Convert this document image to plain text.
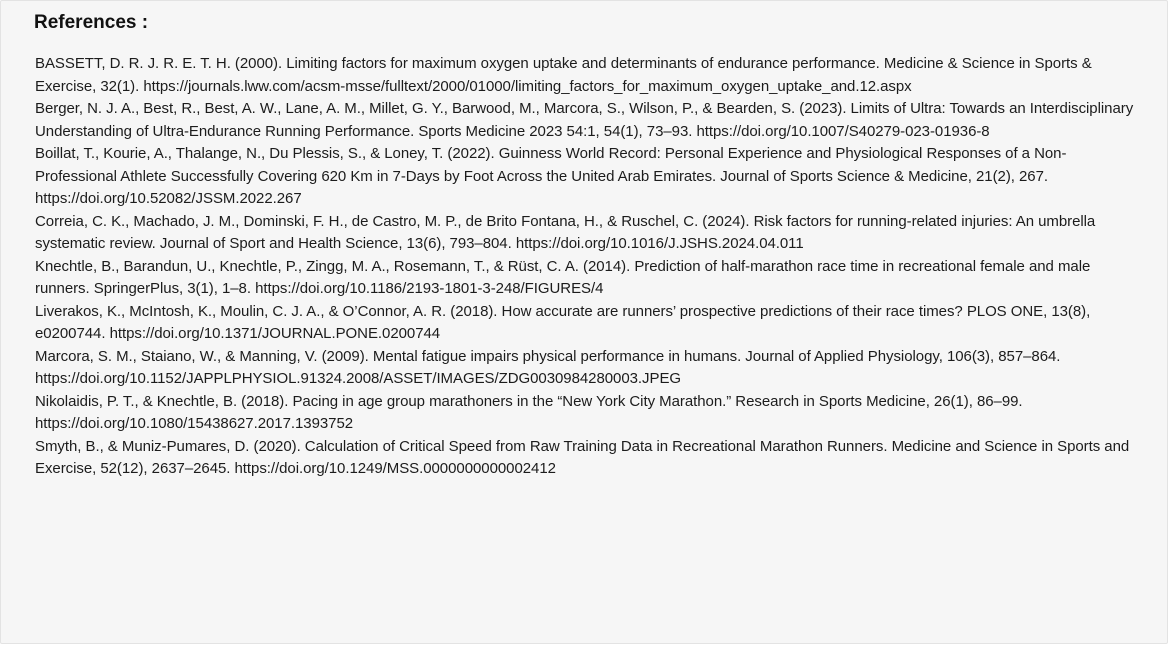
References :
BASSETT, D. R. J. R. E. T. H. (2000). Limiting factors for maximum oxygen uptake and determinants of endurance performance. Medicine & Science in Sports & Exercise, 32(1). https://journals.lww.com/acsm-msse/fulltext/2000/01000/limiting_factors_for_maximum_oxygen_uptake_and.12.aspx
Berger, N. J. A., Best, R., Best, A. W., Lane, A. M., Millet, G. Y., Barwood, M., Marcora, S., Wilson, P., & Bearden, S. (2023). Limits of Ultra: Towards an Interdisciplinary Understanding of Ultra-Endurance Running Performance. Sports Medicine 2023 54:1, 54(1), 73–93. https://doi.org/10.1007/S40279-023-01936-8
Boillat, T., Kourie, A., Thalange, N., Du Plessis, S., & Loney, T. (2022). Guinness World Record: Personal Experience and Physiological Responses of a Non-Professional Athlete Successfully Covering 620 Km in 7-Days by Foot Across the United Arab Emirates. Journal of Sports Science & Medicine, 21(2), 267. https://doi.org/10.52082/JSSM.2022.267
Correia, C. K., Machado, J. M., Dominski, F. H., de Castro, M. P., de Brito Fontana, H., & Ruschel, C. (2024). Risk factors for running-related injuries: An umbrella systematic review. Journal of Sport and Health Science, 13(6), 793–804. https://doi.org/10.1016/J.JSHS.2024.04.011
Knechtle, B., Barandun, U., Knechtle, P., Zingg, M. A., Rosemann, T., & Rüst, C. A. (2014). Prediction of half-marathon race time in recreational female and male runners. SpringerPlus, 3(1), 1–8. https://doi.org/10.1186/2193-1801-3-248/FIGURES/4
Liverakos, K., McIntosh, K., Moulin, C. J. A., & O’Connor, A. R. (2018). How accurate are runners’ prospective predictions of their race times? PLOS ONE, 13(8), e0200744. https://doi.org/10.1371/JOURNAL.PONE.0200744
Marcora, S. M., Staiano, W., & Manning, V. (2009). Mental fatigue impairs physical performance in humans. Journal of Applied Physiology, 106(3), 857–864. https://doi.org/10.1152/JAPPLPHYSIOL.91324.2008/ASSET/IMAGES/ZDG0030984280003.JPEG
Nikolaidis, P. T., & Knechtle, B. (2018). Pacing in age group marathoners in the “New York City Marathon.” Research in Sports Medicine, 26(1), 86–99. https://doi.org/10.1080/15438627.2017.1393752
Smyth, B., & Muniz-Pumares, D. (2020). Calculation of Critical Speed from Raw Training Data in Recreational Marathon Runners. Medicine and Science in Sports and Exercise, 52(12), 2637–2645. https://doi.org/10.1249/MSS.0000000000002412
